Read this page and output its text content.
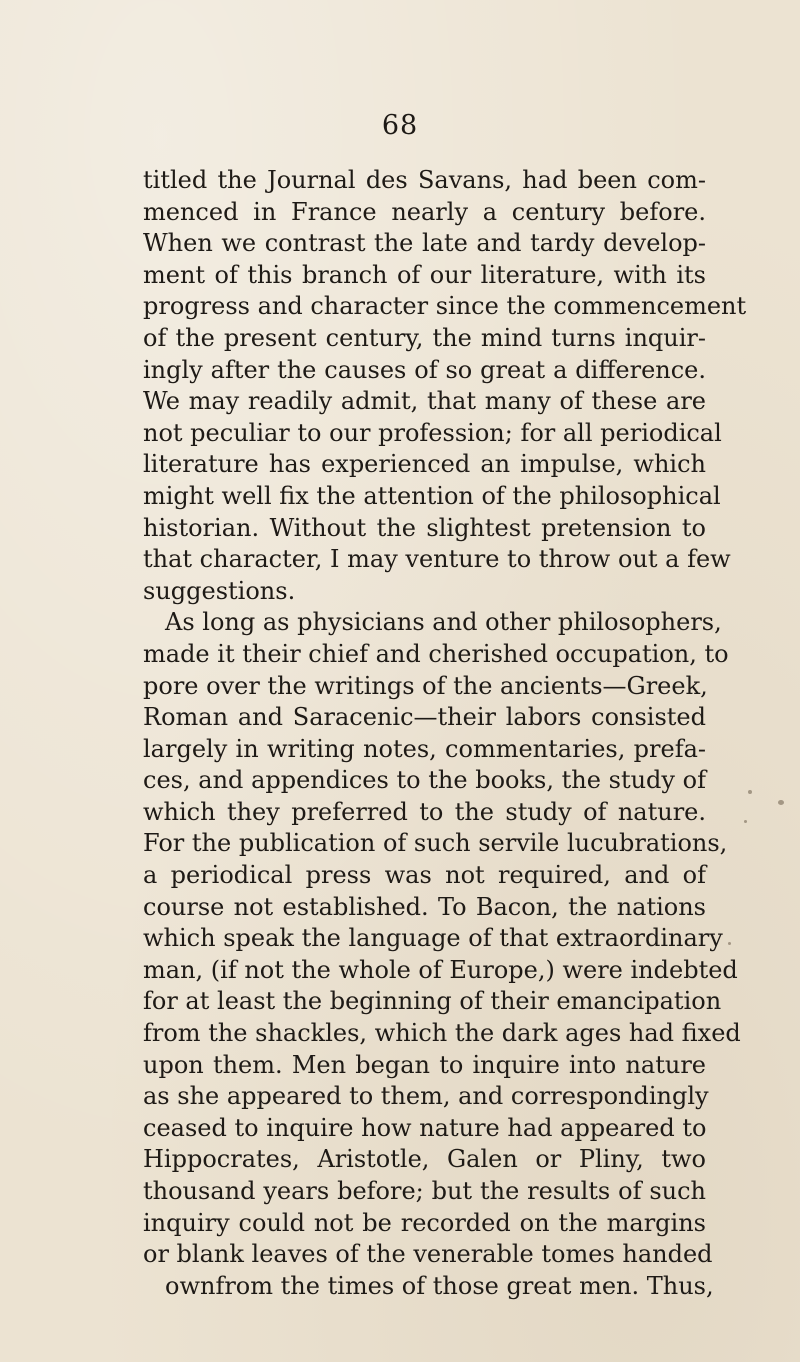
68
titled the Journal des Savans, had been com-
menced in France nearly a century before.
When we contrast the late and tardy develop-
ment of this branch of our literature, with its
progress and character since the commencement
of the present century, the mind turns inquir-
ingly after the causes of so great a difference.
We may readily admit, that many of these are
not peculiar to our profession; for all periodical
literature has experienced an impulse, which
might well fix the attention of the philosophical
historian. Without the slightest pretension to
that character, I may venture to throw out a few
suggestions.
As long as physicians and other philosophers,
made it their chief and cherished occupation, to
pore over the writings of the ancients—Greek,
Roman and Saracenic—their labors consisted
largely in writing notes, commentaries, prefa-
ces, and appendices to the books, the study of
which they preferred to the study of nature.
For the publication of such servile lucubrations,
a periodical press was not required, and of
course not established. To Bacon, the nations
which speak the language of that extraordinary
man, (if not the whole of Europe,) were indebted
for at least the beginning of their emancipation
from the shackles, which the dark ages had fixed
upon them. Men began to inquire into nature
as she appeared to them, and correspondingly
ceased to inquire how nature had appeared to
Hippocrates, Aristotle, Galen or Pliny, two
thousand years before; but the results of such
inquiry could not be recorded on the margins
or blank leaves of the venerable tomes handed
ownfrom the times of those great men. Thus,
